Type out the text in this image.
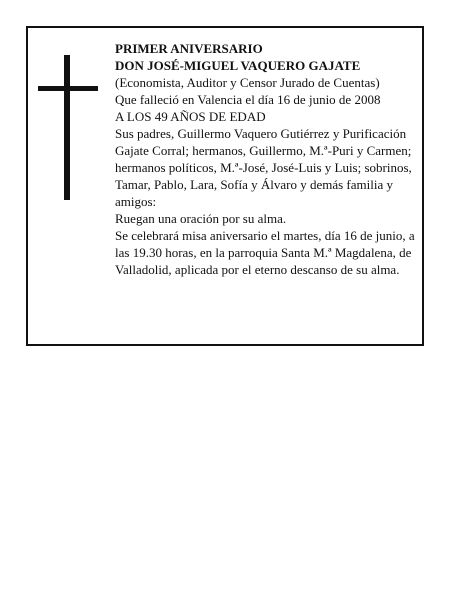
PRIMER ANIVERSARIO

DON JOSÉ-MIGUEL VAQUERO GAJATE

(Economista, Auditor y Censor Jurado de Cuentas)

Que falleció en Valencia el día 16 de junio de 2008

A LOS 49 AÑOS DE EDAD

Sus padres, Guillermo Vaquero Gutiérrez y Purificación Gajate Corral; hermanos, Guillermo, M.ª-Puri y Carmen; hermanos políticos, M.ª-José, José-Luis y Luis; sobrinos, Tamar, Pablo, Lara, Sofía y Álvaro y demás familia y amigos:

Ruegan una oración por su alma.

Se celebrará misa aniversario el martes, día 16 de junio, a las 19.30 horas, en la parroquia Santa M.ª Magdalena, de Valladolid, aplicada por el eterno descanso de su alma.
